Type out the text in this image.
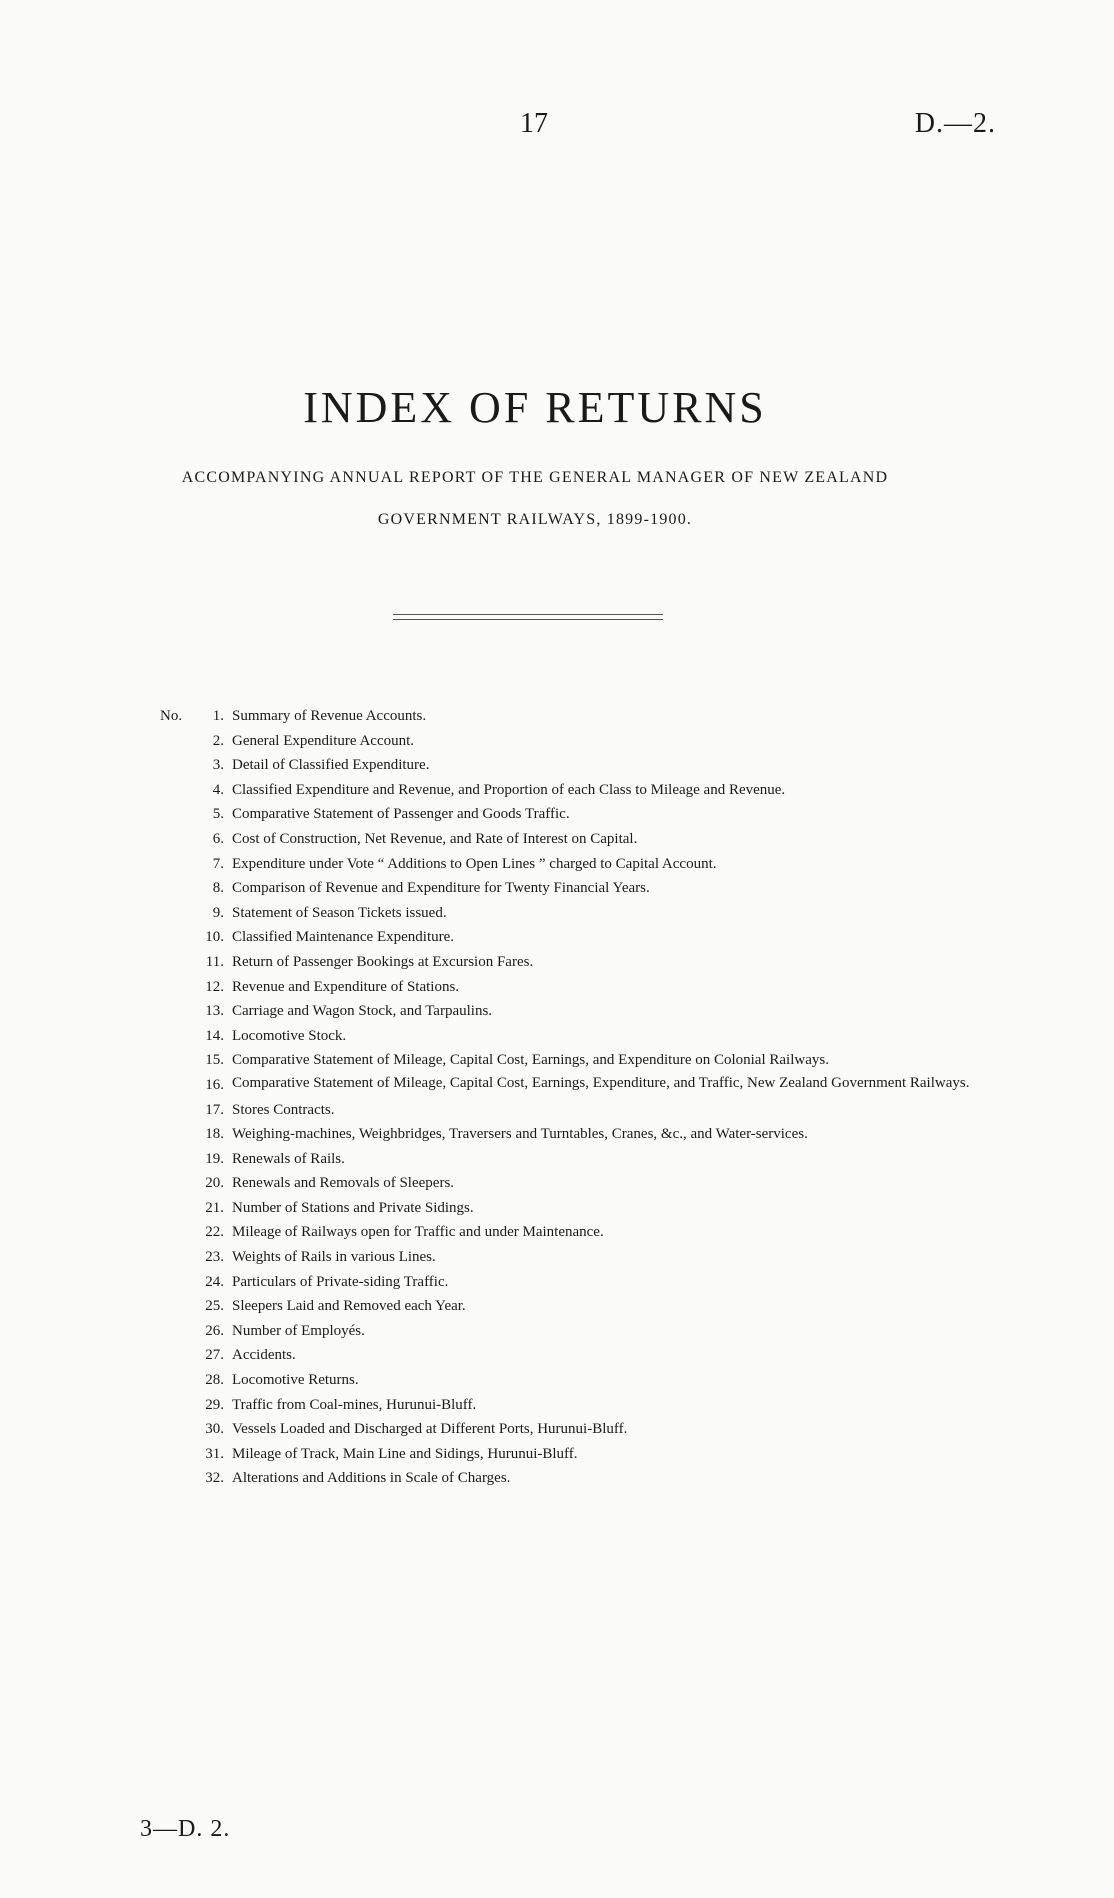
17	D.—2.
INDEX OF RETURNS
ACCOMPANYING ANNUAL REPORT OF THE GENERAL MANAGER OF NEW ZEALAND
GOVERNMENT RAILWAYS, 1899-1900.
No.	1. Summary of Revenue Accounts.
2. General Expenditure Account.
3. Detail of Classified Expenditure.
4. Classified Expenditure and Revenue, and Proportion of each Class to Mileage and Revenue.
5. Comparative Statement of Passenger and Goods Traffic.
6. Cost of Construction, Net Revenue, and Rate of Interest on Capital.
7. Expenditure under Vote “ Additions to Open Lines ” charged to Capital Account.
8. Comparison of Revenue and Expenditure for Twenty Financial Years.
9. Statement of Season Tickets issued.
10. Classified Maintenance Expenditure.
11. Return of Passenger Bookings at Excursion Fares.
12. Revenue and Expenditure of Stations.
13. Carriage and Wagon Stock, and Tarpaulins.
14. Locomotive Stock.
15. Comparative Statement of Mileage, Capital Cost, Earnings, and Expenditure on Colonial Railways.
16. Comparative Statement of Mileage, Capital Cost, Earnings, Expenditure, and Traffic, New Zealand Government Railways.
17. Stores Contracts.
18. Weighing-machines, Weighbridges, Traversers and Turntables, Cranes, &c., and Water-services.
19. Renewals of Rails.
20. Renewals and Removals of Sleepers.
21. Number of Stations and Private Sidings.
22. Mileage of Railways open for Traffic and under Maintenance.
23. Weights of Rails in various Lines.
24. Particulars of Private-siding Traffic.
25. Sleepers Laid and Removed each Year.
26. Number of Employés.
27. Accidents.
28. Locomotive Returns.
29. Traffic from Coal-mines, Hurunui-Bluff.
30. Vessels Loaded and Discharged at Different Ports, Hurunui-Bluff.
31. Mileage of Track, Main Line and Sidings, Hurunui-Bluff.
32. Alterations and Additions in Scale of Charges.
3—D. 2.
